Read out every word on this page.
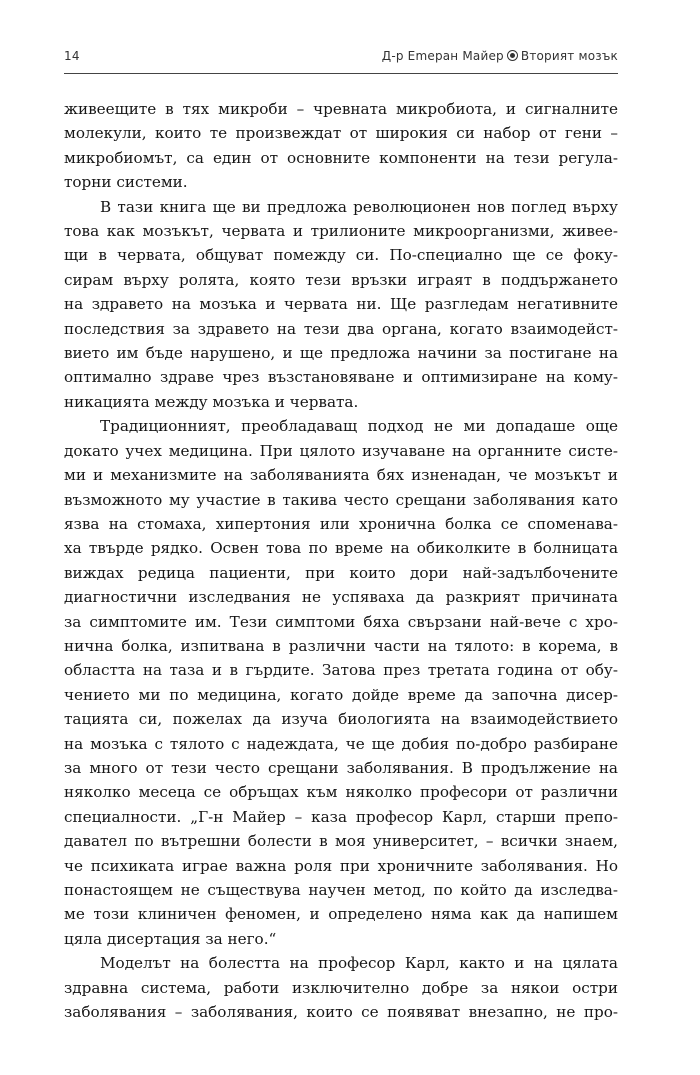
14	Д-р Еmеран Майер Вторият мозък

живеещите в тях микроби – чревната микробиота, и сигналните
молекули, които те произвеждат от широкия си набор от гени –
микробиомът, са един от основните компоненти на тези регула-
торни системи.

В тази книга ще ви предложа революционен нов поглед върху
това как мозъкът, червата и трилионите микроорганизми, живее-
щи в червата, общуват помежду си. По-специално ще се фоку-
сирам върху ролята, която тези връзки играят в поддържането
на здравето на мозъка и червата ни. Ще разгледам негативните
последствия за здравето на тези два органа, когато взаимодейст-
вието им бъде нарушено, и ще предложа начини за постигане на
оптимално здраве чрез възстановяване и оптимизиране на кому-
никацията между мозъка и червата.

Традиционният, преобладаващ подход не ми допадаше още
докато учех медицина. При цялото изучаване на органните систе-
ми и механизмите на заболяванията бях изненадан, че мозъкът и
възможното му участие в такива често срещани заболявания като
язва на стомаха, хипертония или хронична болка се споменава-
ха твърде рядко. Освен това по време на обиколките в болницата
виждах редица пациенти, при които дори най-задълбочените
диагностични изследвания не успяваха да разкрият причината
за симптомите им. Тези симптоми бяха свързани най-вече с хро-
нична болка, изпитвана в различни части на тялото: в корема, в
областта на таза и в гърдите. Затова през третата година от обу-
чението ми по медицина, когато дойде време да започна дисер-
тацията си, пожелах да изуча биологията на взаимодействието
на мозъка с тялото с надеждата, че ще добия по-добро разбиране
за много от тези често срещани заболявания. В продължение на
няколко месеца се обръщах към няколко професори от различни
специалности. „Г-н Майер – каза професор Карл, старши препо-
давател по вътрешни болести в моя университет, – всички знаем,
че психиката играе важна роля при хроничните заболявания. Но
понастоящем не съществува научен метод, по който да изследва-
ме този клиничен феномен, и определено няма как да напишем
цяла дисертация за него.“

Моделът на болестта на професор Карл, както и на цялата
здравна система, работи изключително добре за някои остри
заболявания – заболявания, които се появяват внезапно, не про-
